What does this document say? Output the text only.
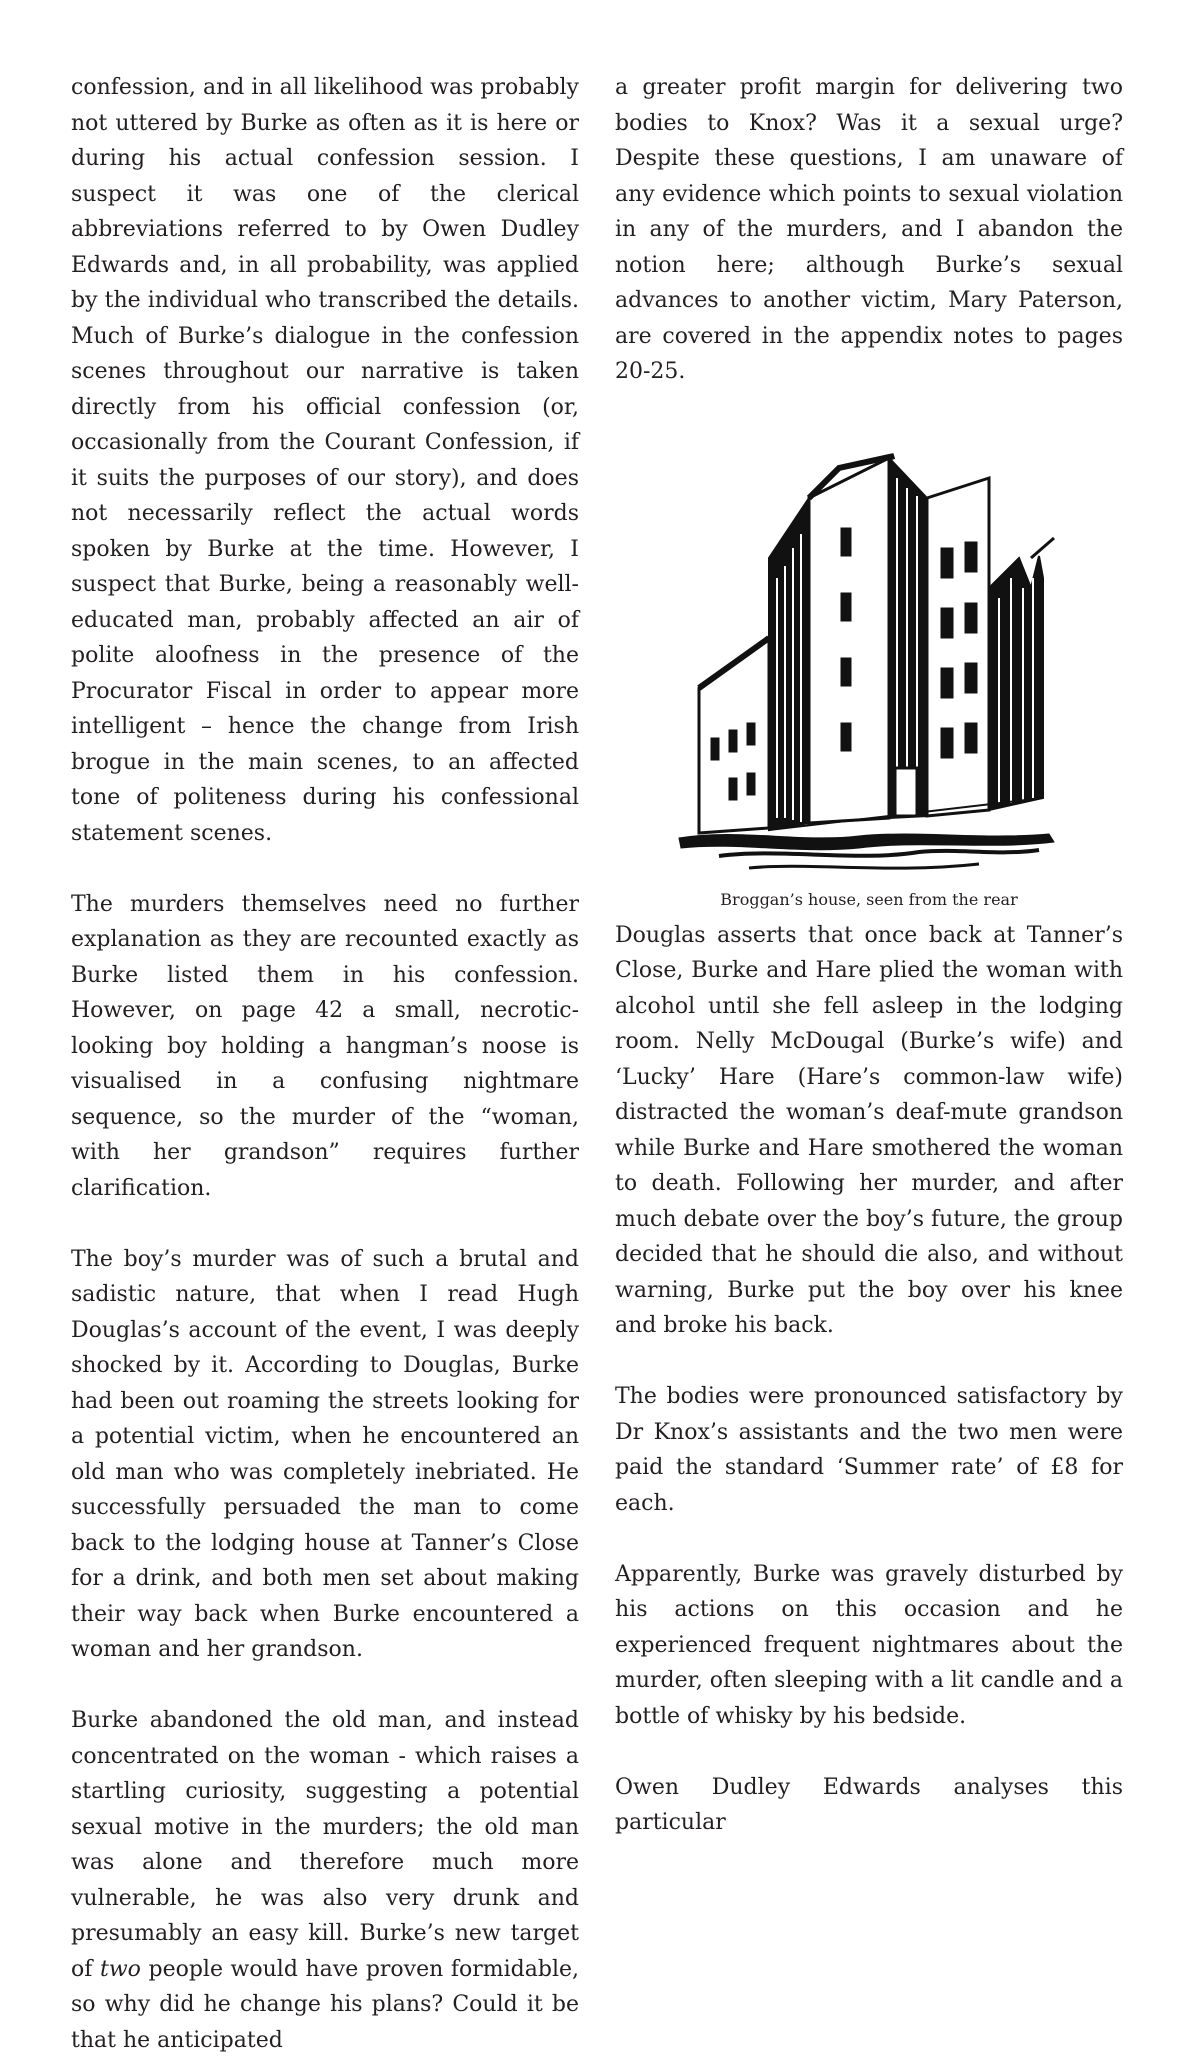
confession, and in all likelihood was probably not uttered by Burke as often as it is here or during his actual confession session. I suspect it was one of the clerical abbreviations referred to by Owen Dudley Edwards and, in all probability, was applied by the individual who transcribed the details. Much of Burke’s dialogue in the confession scenes throughout our narrative is taken directly from his official confession (or, occasionally from the Courant Confession, if it suits the purposes of our story), and does not necessarily reflect the actual words spoken by Burke at the time. However, I suspect that Burke, being a reasonably well-educated man, probably affected an air of polite aloofness in the presence of the Procurator Fiscal in order to appear more intelligent – hence the change from Irish brogue in the main scenes, to an affected tone of politeness during his confessional statement scenes.

The murders themselves need no further explanation as they are recounted exactly as Burke listed them in his confession. However, on page 42 a small, necrotic-looking boy holding a hangman’s noose is visualised in a confusing nightmare sequence, so the murder of the “woman, with her grandson” requires further clarification.

The boy’s murder was of such a brutal and sadistic nature, that when I read Hugh Douglas’s account of the event, I was deeply shocked by it. According to Douglas, Burke had been out roaming the streets looking for a potential victim, when he encountered an old man who was completely inebriated. He successfully persuaded the man to come back to the lodging house at Tanner’s Close for a drink, and both men set about making their way back when Burke encountered a woman and her grandson.

Burke abandoned the old man, and instead concentrated on the woman - which raises a startling curiosity, suggesting a potential sexual motive in the murders; the old man was alone and therefore much more vulnerable, he was also very drunk and presumably an easy kill. Burke’s new target of two people would have proven formidable, so why did he change his plans? Could it be that he anticipated

a greater profit margin for delivering two bodies to Knox? Was it a sexual urge? Despite these questions, I am unaware of any evidence which points to sexual violation in any of the murders, and I abandon the notion here; although Burke’s sexual advances to another victim, Mary Paterson, are covered in the appendix notes to pages 20-25.

Broggan’s house, seen from the rear

Douglas asserts that once back at Tanner’s Close, Burke and Hare plied the woman with alcohol until she fell asleep in the lodging room. Nelly McDougal (Burke’s wife) and ‘Lucky’ Hare (Hare’s common-law wife) distracted the woman’s deaf-mute grandson while Burke and Hare smothered the woman to death. Following her murder, and after much debate over the boy’s future, the group decided that he should die also, and without warning, Burke put the boy over his knee and broke his back.

The bodies were pronounced satisfactory by Dr Knox’s assistants and the two men were paid the standard ‘Summer rate’ of £8 for each.

Apparently, Burke was gravely disturbed by his actions on this occasion and he experienced frequent nightmares about the murder, often sleeping with a lit candle and a bottle of whisky by his bedside.

Owen Dudley Edwards analyses this particular
